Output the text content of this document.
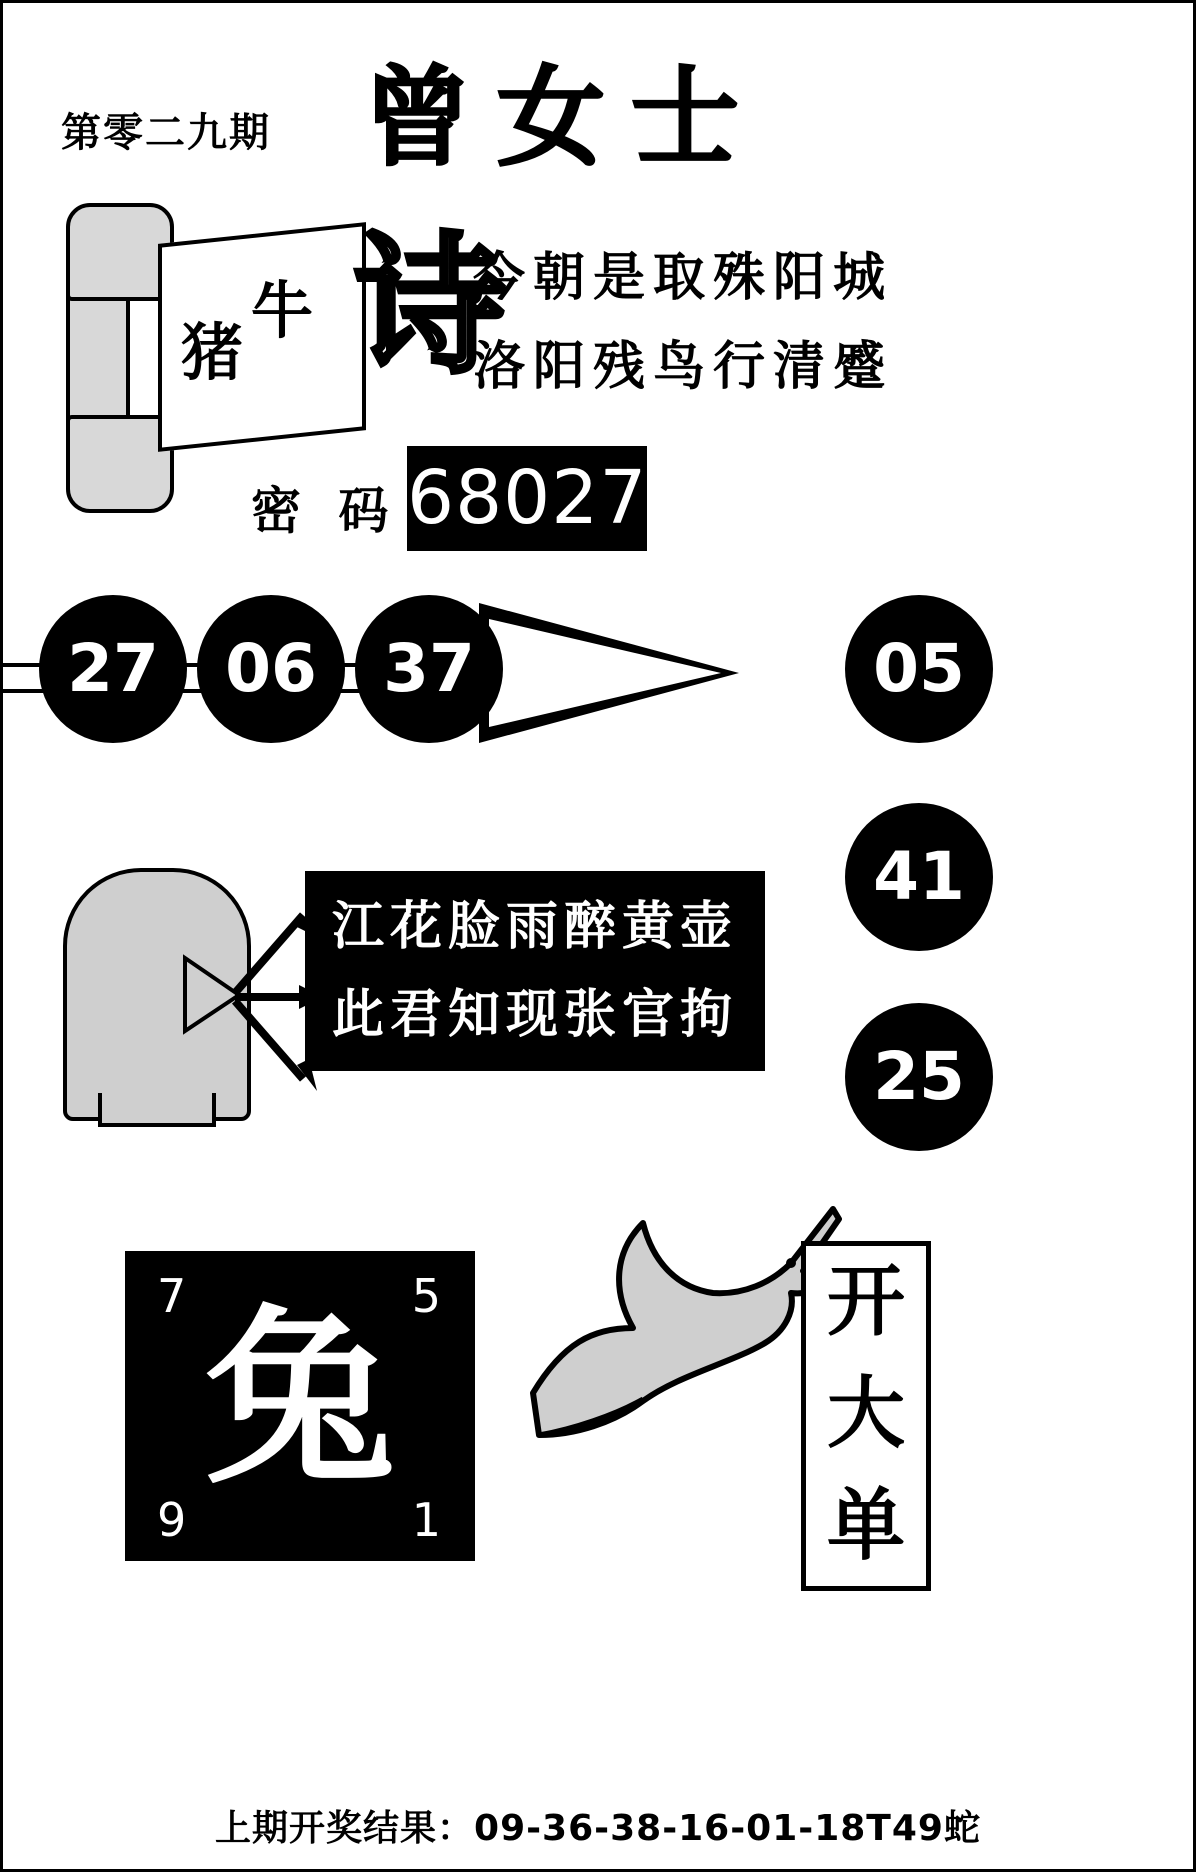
第零二九期 曾女士
猪
牛 诗
今朝是取殊阳城
洛阳残鸟行清蹙
密 码 680274
27	06	37	05
41
25
江花脸雨醉黄壶
此君知现张官拘
7	5
9	1
兔	开
大
单
上期开奖结果：09-36-38-16-01-18T49蛇
